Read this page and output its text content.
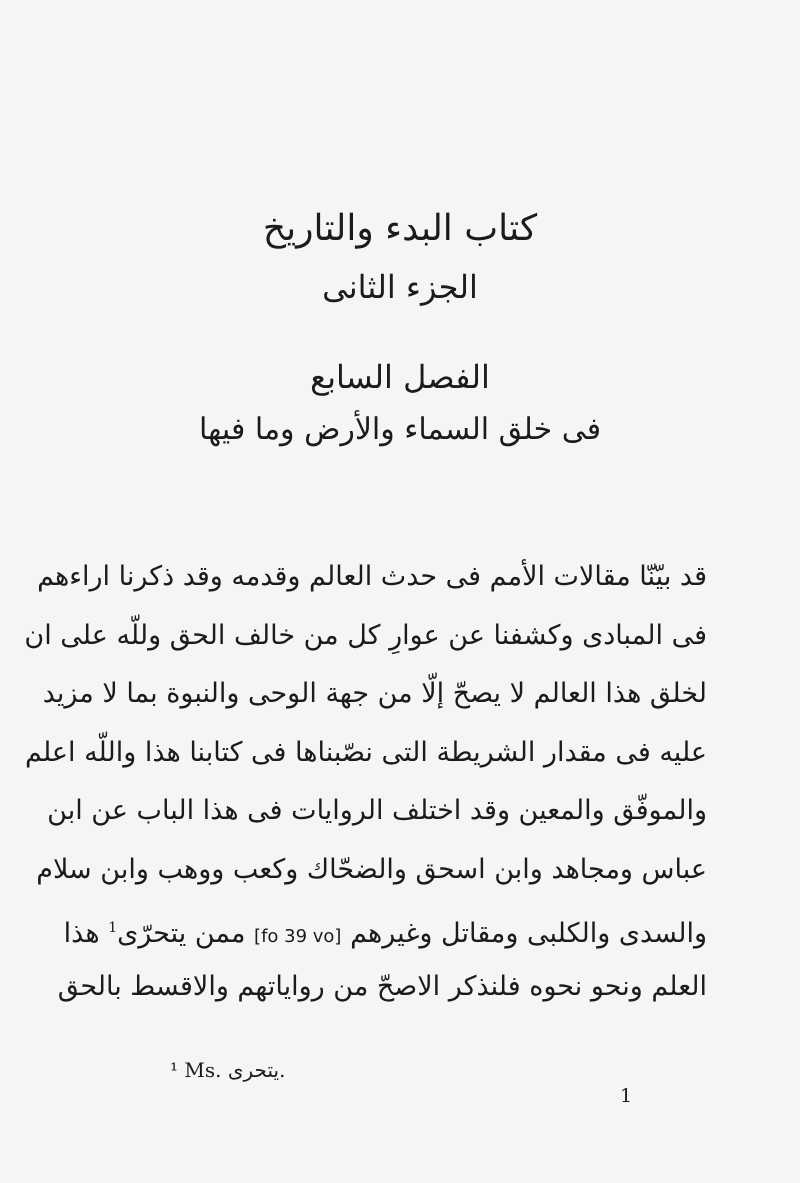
كتاب البدء والتاريخ
الجزء الثانى
الفصل السابع
فى خلق السماء والأرض وما فيها
قد بيّنّا مقالات الأمم فى حدث العالم وقدمه وقد ذكرنا اراءهم
فى المبادى وكشفنا عن عوارِ كل من خالف الحق وللّه على ان
لخلق هذا العالم لا يصحّ إلّا من جهة الوحى والنبوة بما لا مزيد
عليه فى مقدار الشريطة التى نصّبناها فى كتابنا هذا واللّه اعلم
والموفّق والمعين وقد اختلف الروايات فى هذا الباب عن ابن
عباس ومجاهد وابن اسحق والضحّاك وكعب ووهب وابن سلام
والسدى والكلبى ومقاتل وغيرهم [fo 39 vo] ممن يتحرّى$^1$ هذا
العلم ونحو نحوه فلنذكر الاصحّ من رواياتهم والاقسط بالحق
¹ Ms. يتحرى.
1
